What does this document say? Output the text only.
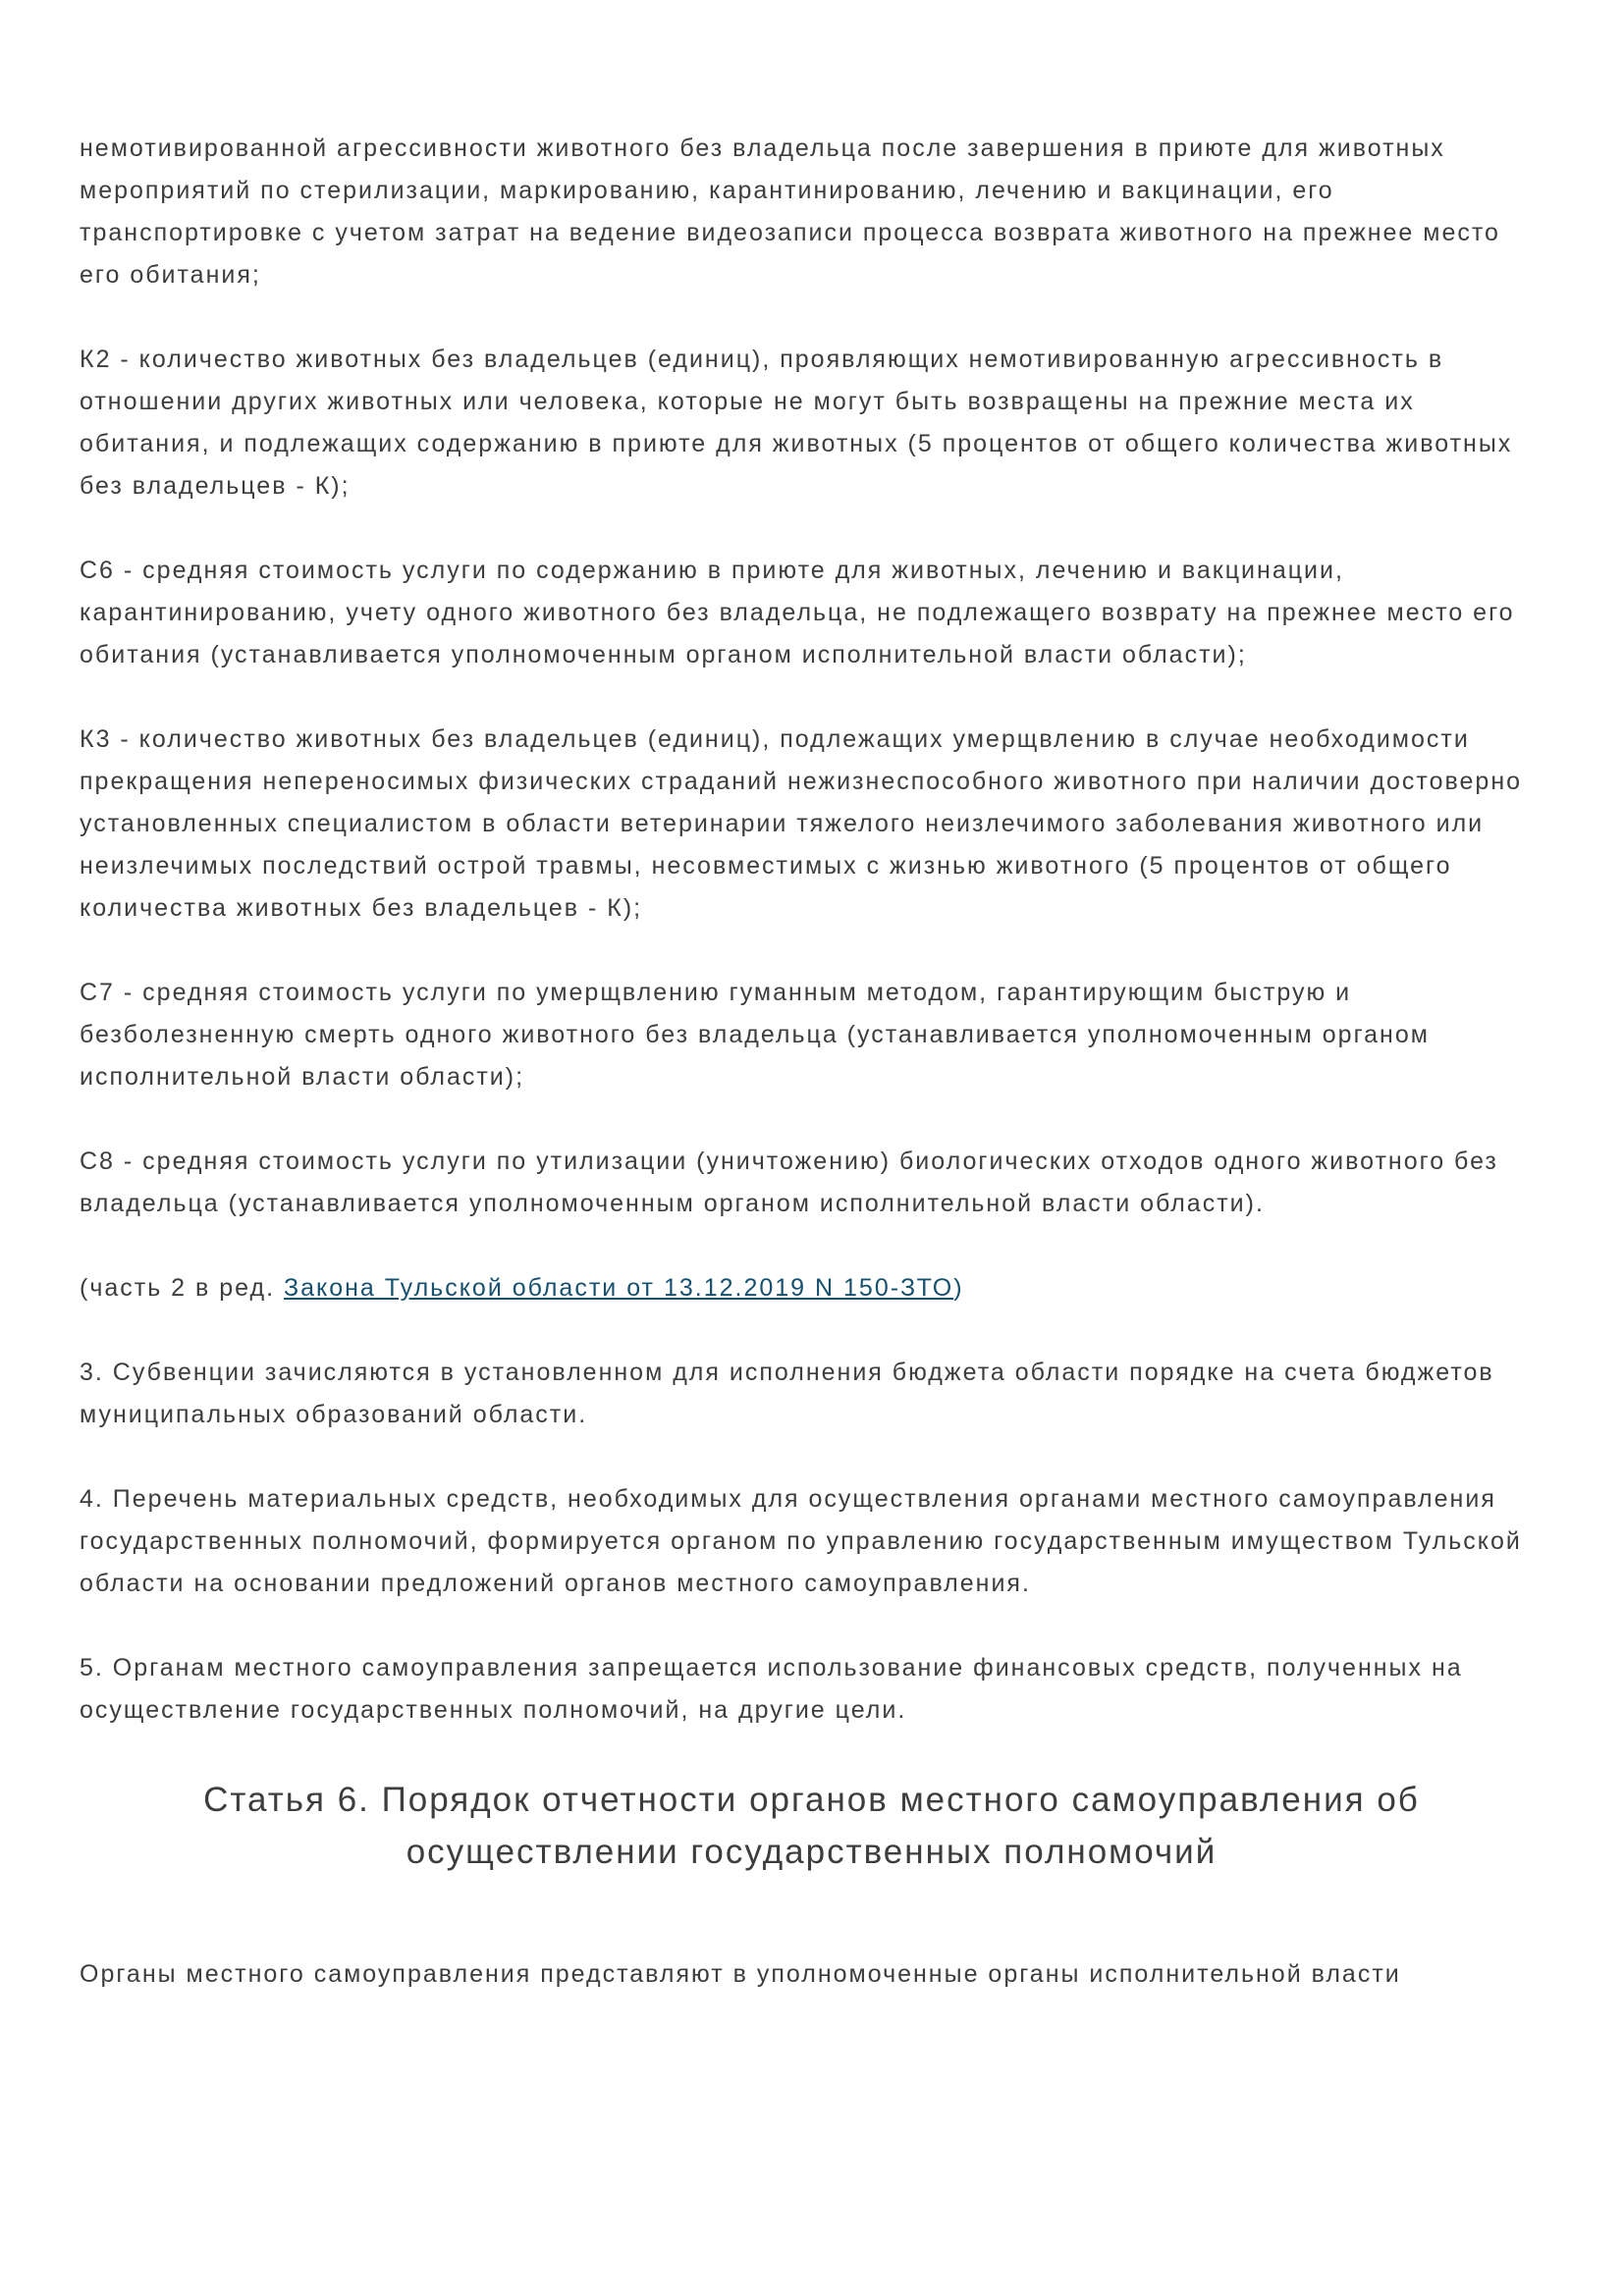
немотивированной агрессивности животного без владельца после завершения в приюте для животных мероприятий по стерилизации, маркированию, карантинированию, лечению и вакцинации, его транспортировке с учетом затрат на ведение видеозаписи процесса возврата животного на прежнее место его обитания;

К2 - количество животных без владельцев (единиц), проявляющих немотивированную агрессивность в отношении других животных или человека, которые не могут быть возвращены на прежние места их обитания, и подлежащих содержанию в приюте для животных (5 процентов от общего количества животных без владельцев - К);

С6 - средняя стоимость услуги по содержанию в приюте для животных, лечению и вакцинации, карантинированию, учету одного животного без владельца, не подлежащего возврату на прежнее место его обитания (устанавливается уполномоченным органом исполнительной власти области);

К3 - количество животных без владельцев (единиц), подлежащих умерщвлению в случае необходимости прекращения непереносимых физических страданий нежизнеспособного животного при наличии достоверно установленных специалистом в области ветеринарии тяжелого неизлечимого заболевания животного или неизлечимых последствий острой травмы, несовместимых с жизнью животного (5 процентов от общего количества животных без владельцев - К);

С7 - средняя стоимость услуги по умерщвлению гуманным методом, гарантирующим быструю и безболезненную смерть одного животного без владельца (устанавливается уполномоченным органом исполнительной власти области);

С8 - средняя стоимость услуги по утилизации (уничтожению) биологических отходов одного животного без владельца (устанавливается уполномоченным органом исполнительной власти области).

(часть 2 в ред. Закона Тульской области от 13.12.2019 N 150-ЗТО)

3. Субвенции зачисляются в установленном для исполнения бюджета области порядке на счета бюджетов муниципальных образований области.

4. Перечень материальных средств, необходимых для осуществления органами местного самоуправления государственных полномочий, формируется органом по управлению государственным имуществом Тульской области на основании предложений органов местного самоуправления.

5. Органам местного самоуправления запрещается использование финансовых средств, полученных на осуществление государственных полномочий, на другие цели.

Статья 6. Порядок отчетности органов местного самоуправления об осуществлении государственных полномочий

Органы местного самоуправления представляют в уполномоченные органы исполнительной власти
